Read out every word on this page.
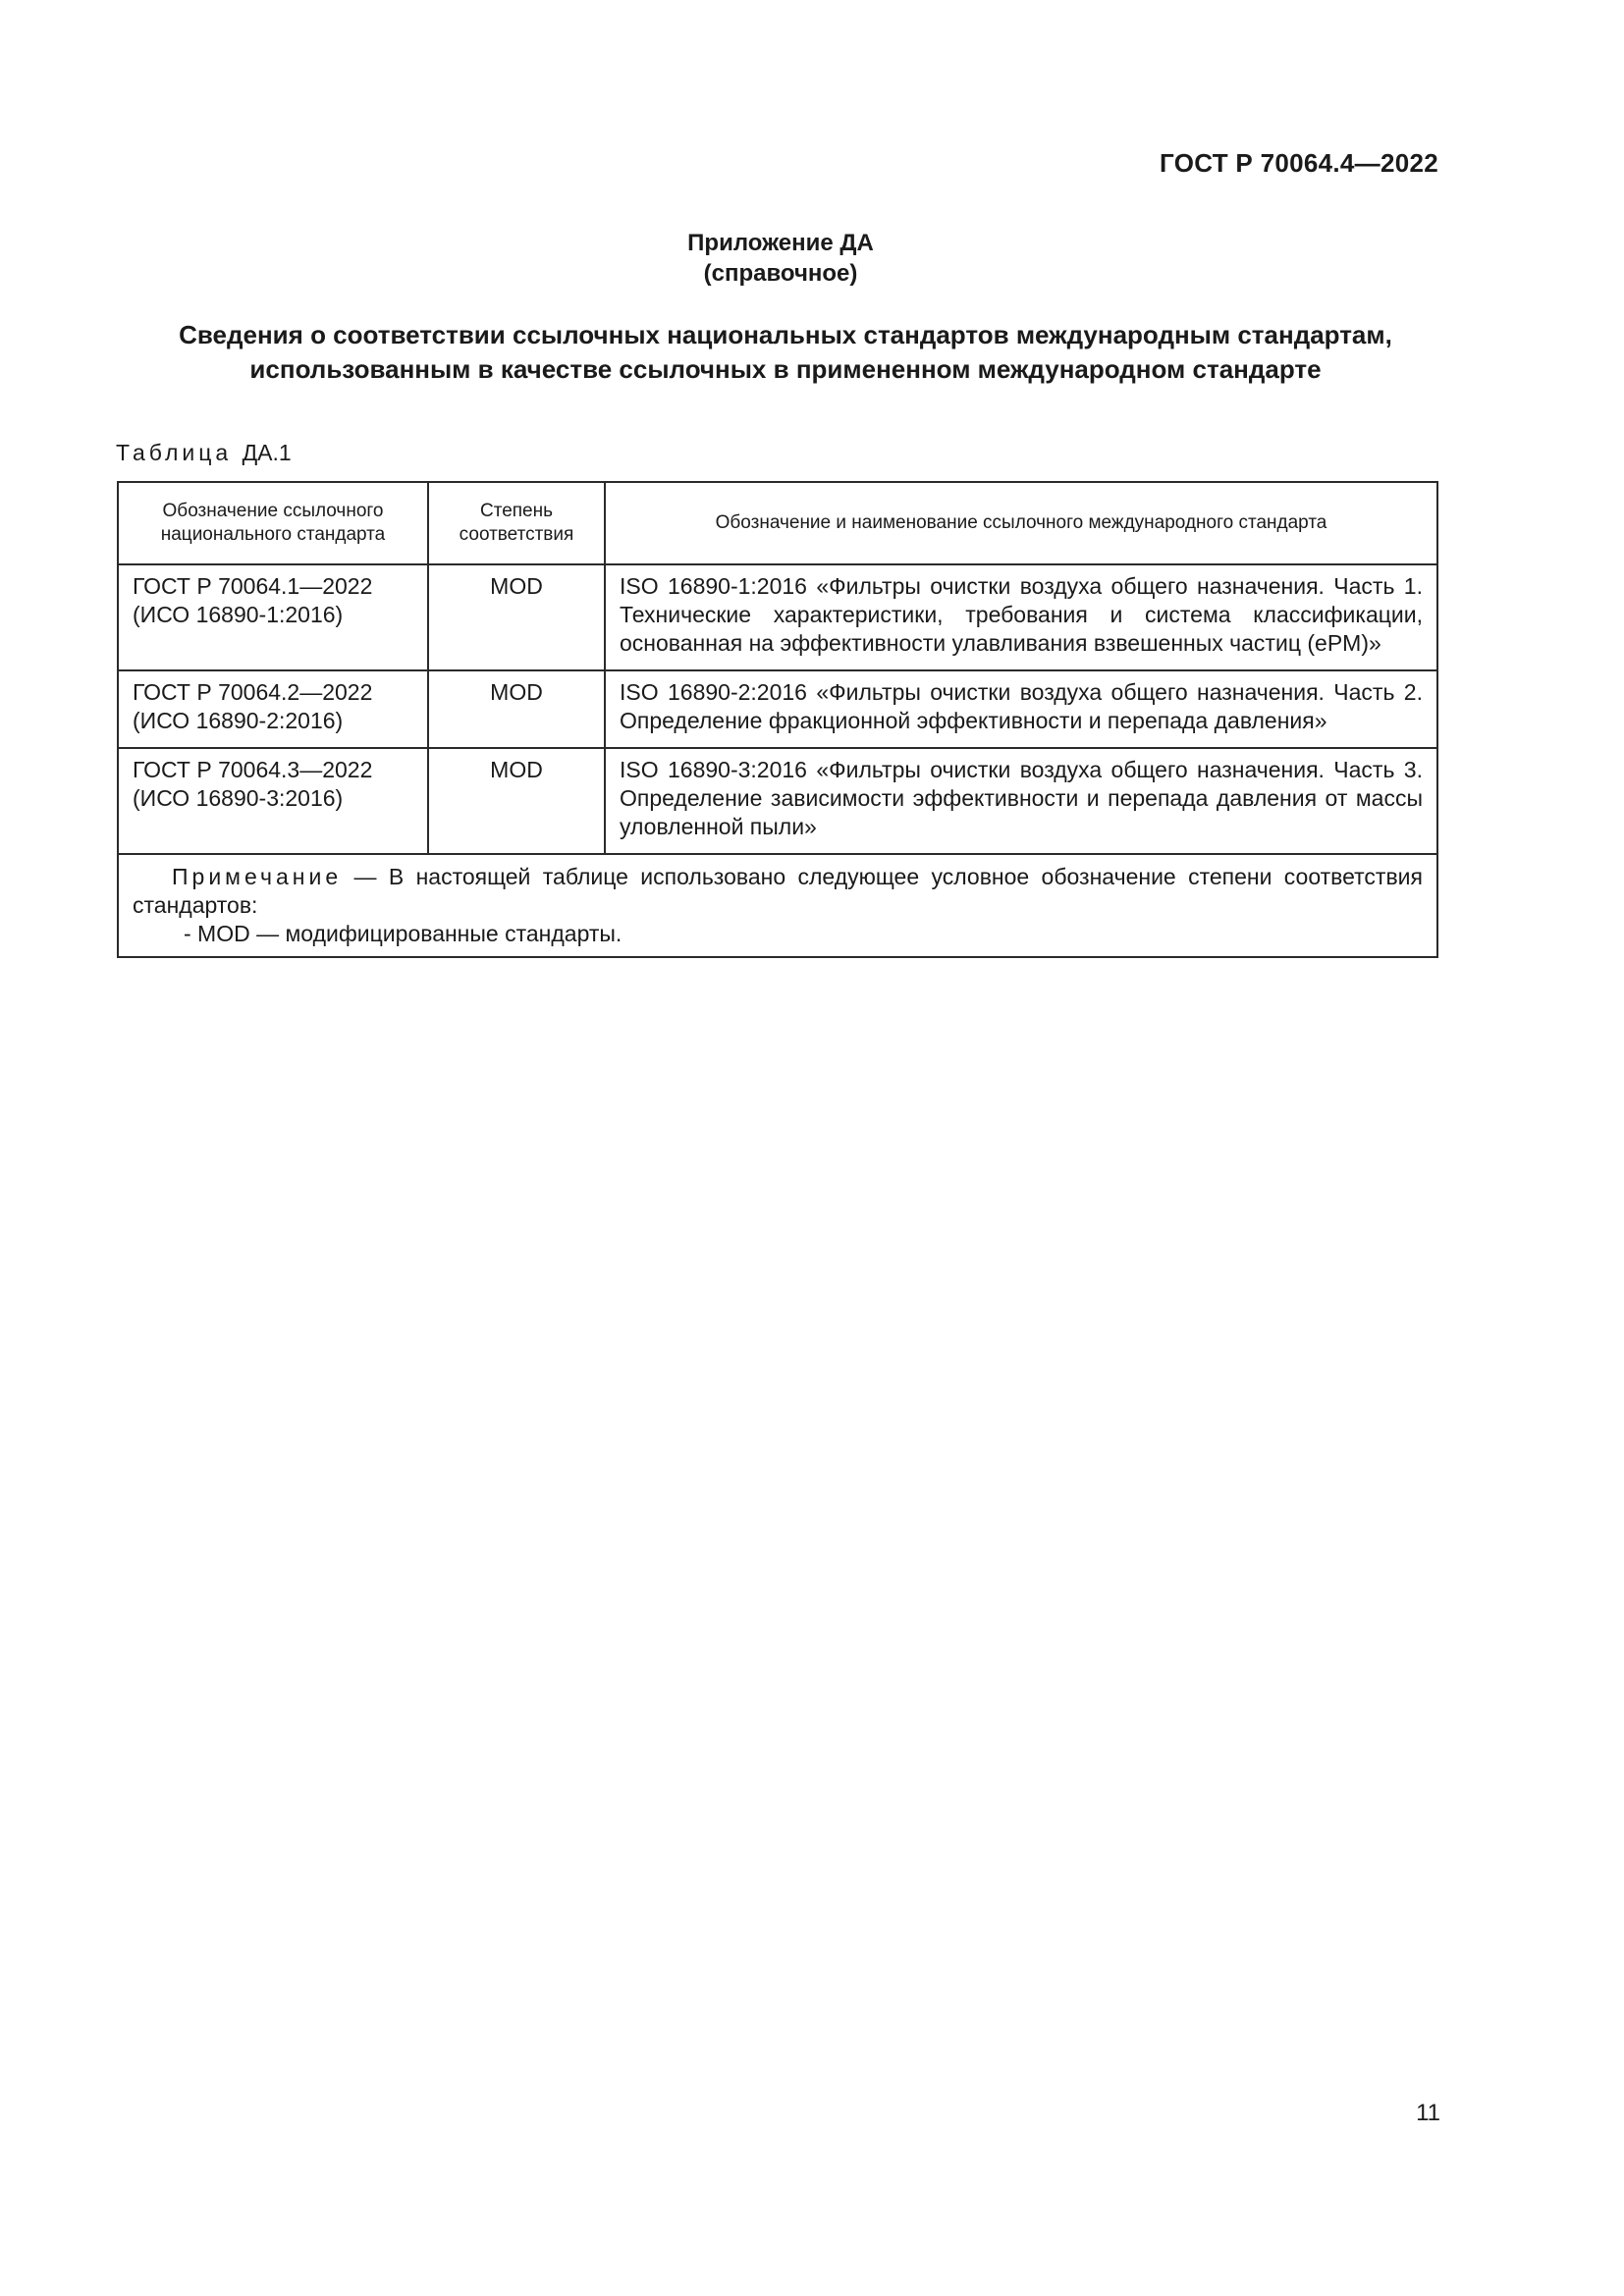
ГОСТ Р 70064.4—2022
Приложение ДА
(справочное)
Сведения о соответствии ссылочных национальных стандартов международным стандартам,
использованным в качестве ссылочных в примененном международном стандарте
Таблица ДА.1
Обозначение ссылочного национального стандарта	Степень соответствия	Обозначение и наименование ссылочного международного стандарта

ГОСТ Р 70064.1—2022
(ИСО 16890-1:2016)	MOD	ISO 16890-1:2016 «Фильтры очистки воздуха общего назначения. Часть 1. Технические характеристики, требования и система классификации, основанная на эффективности улавливания взвешенных частиц (ePM)»

ГОСТ Р 70064.2—2022
(ИСО 16890-2:2016)	MOD	ISO 16890-2:2016 «Фильтры очистки воздуха общего назначения. Часть 2. Определение фракционной эффективности и перепада давления»

ГОСТ Р 70064.3—2022
(ИСО 16890-3:2016)	MOD	ISO 16890-3:2016 «Фильтры очистки воздуха общего назначения. Часть 3. Определение зависимости эффективности и перепада давления от массы уловленной пыли»

Примечание — В настоящей таблице использовано следующее условное обозначение степени соответствия стандартов:
- MOD — модифицированные стандарты.		
11
